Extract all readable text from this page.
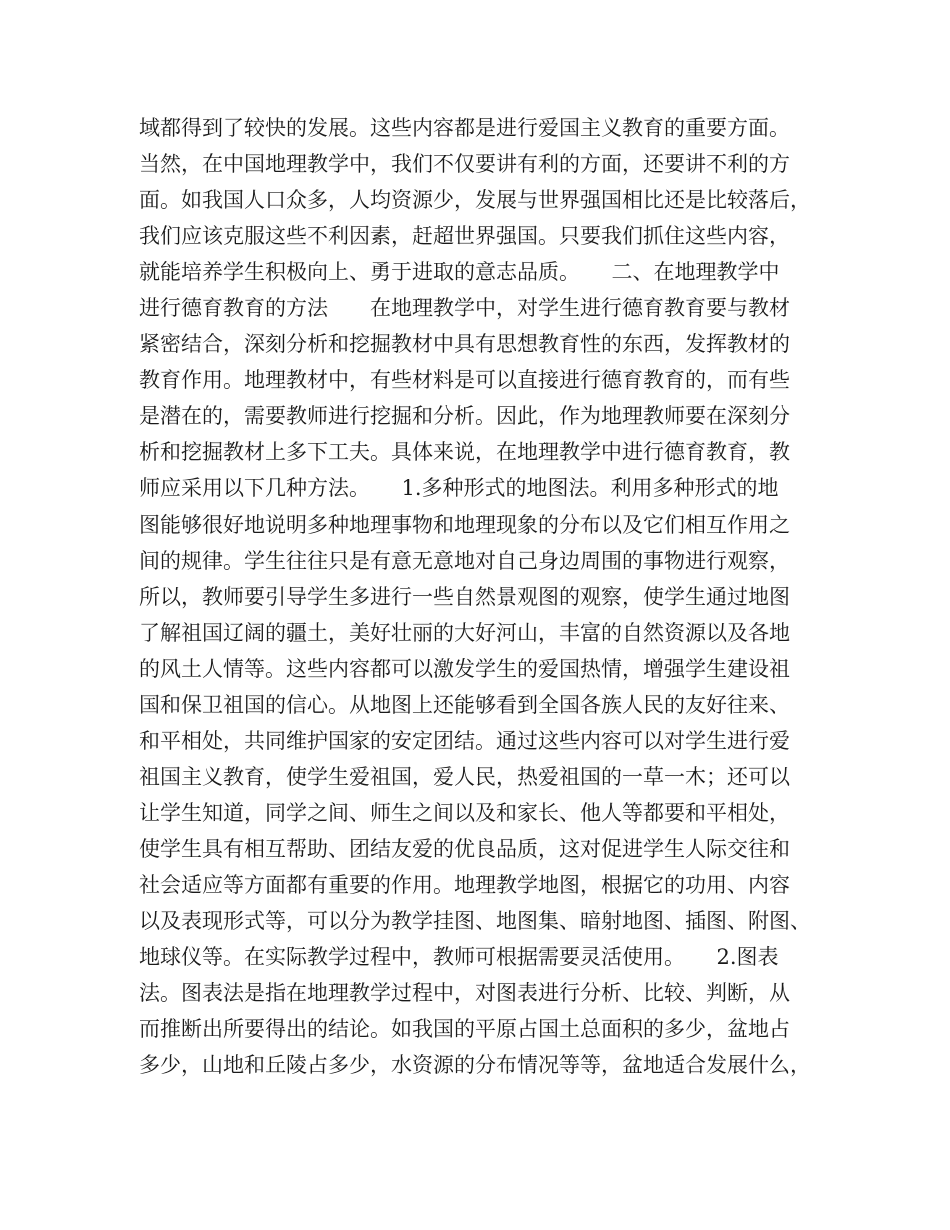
域都得到了较快的发展。这些内容都是进行爱国主义教育的重要方面。
当然，在中国地理教学中，我们不仅要讲有利的方面，还要讲不利的方
面。如我国人口众多，人均资源少，发展与世界强国相比还是比较落后，
我们应该克服这些不利因素，赶超世界强国。只要我们抓住这些内容，
就能培养学生积极向上、勇于进取的意志品质。　　二、在地理教学中
进行德育教育的方法　　在地理教学中，对学生进行德育教育要与教材
紧密结合，深刻分析和挖掘教材中具有思想教育性的东西，发挥教材的
教育作用。地理教材中，有些材料是可以直接进行德育教育的，而有些
是潜在的，需要教师进行挖掘和分析。因此，作为地理教师要在深刻分
析和挖掘教材上多下工夫。具体来说，在地理教学中进行德育教育，教
师应采用以下几种方法。　　1.多种形式的地图法。利用多种形式的地
图能够很好地说明多种地理事物和地理现象的分布以及它们相互作用之
间的规律。学生往往只是有意无意地对自己身边周围的事物进行观察，
所以，教师要引导学生多进行一些自然景观图的观察，使学生通过地图
了解祖国辽阔的疆土，美好壮丽的大好河山，丰富的自然资源以及各地
的风土人情等。这些内容都可以激发学生的爱国热情，增强学生建设祖
国和保卫祖国的信心。从地图上还能够看到全国各族人民的友好往来、
和平相处，共同维护国家的安定团结。通过这些内容可以对学生进行爱
祖国主义教育，使学生爱祖国，爱人民，热爱祖国的一草一木；还可以
让学生知道，同学之间、师生之间以及和家长、他人等都要和平相处，
使学生具有相互帮助、团结友爱的优良品质，这对促进学生人际交往和
社会适应等方面都有重要的作用。地理教学地图，根据它的功用、内容
以及表现形式等，可以分为教学挂图、地图集、暗射地图、插图、附图、
地球仪等。在实际教学过程中，教师可根据需要灵活使用。　　2.图表
法。图表法是指在地理教学过程中，对图表进行分析、比较、判断，从
而推断出所要得出的结论。如我国的平原占国土总面积的多少，盆地占
多少，山地和丘陵占多少，水资源的分布情况等等，盆地适合发展什么，
